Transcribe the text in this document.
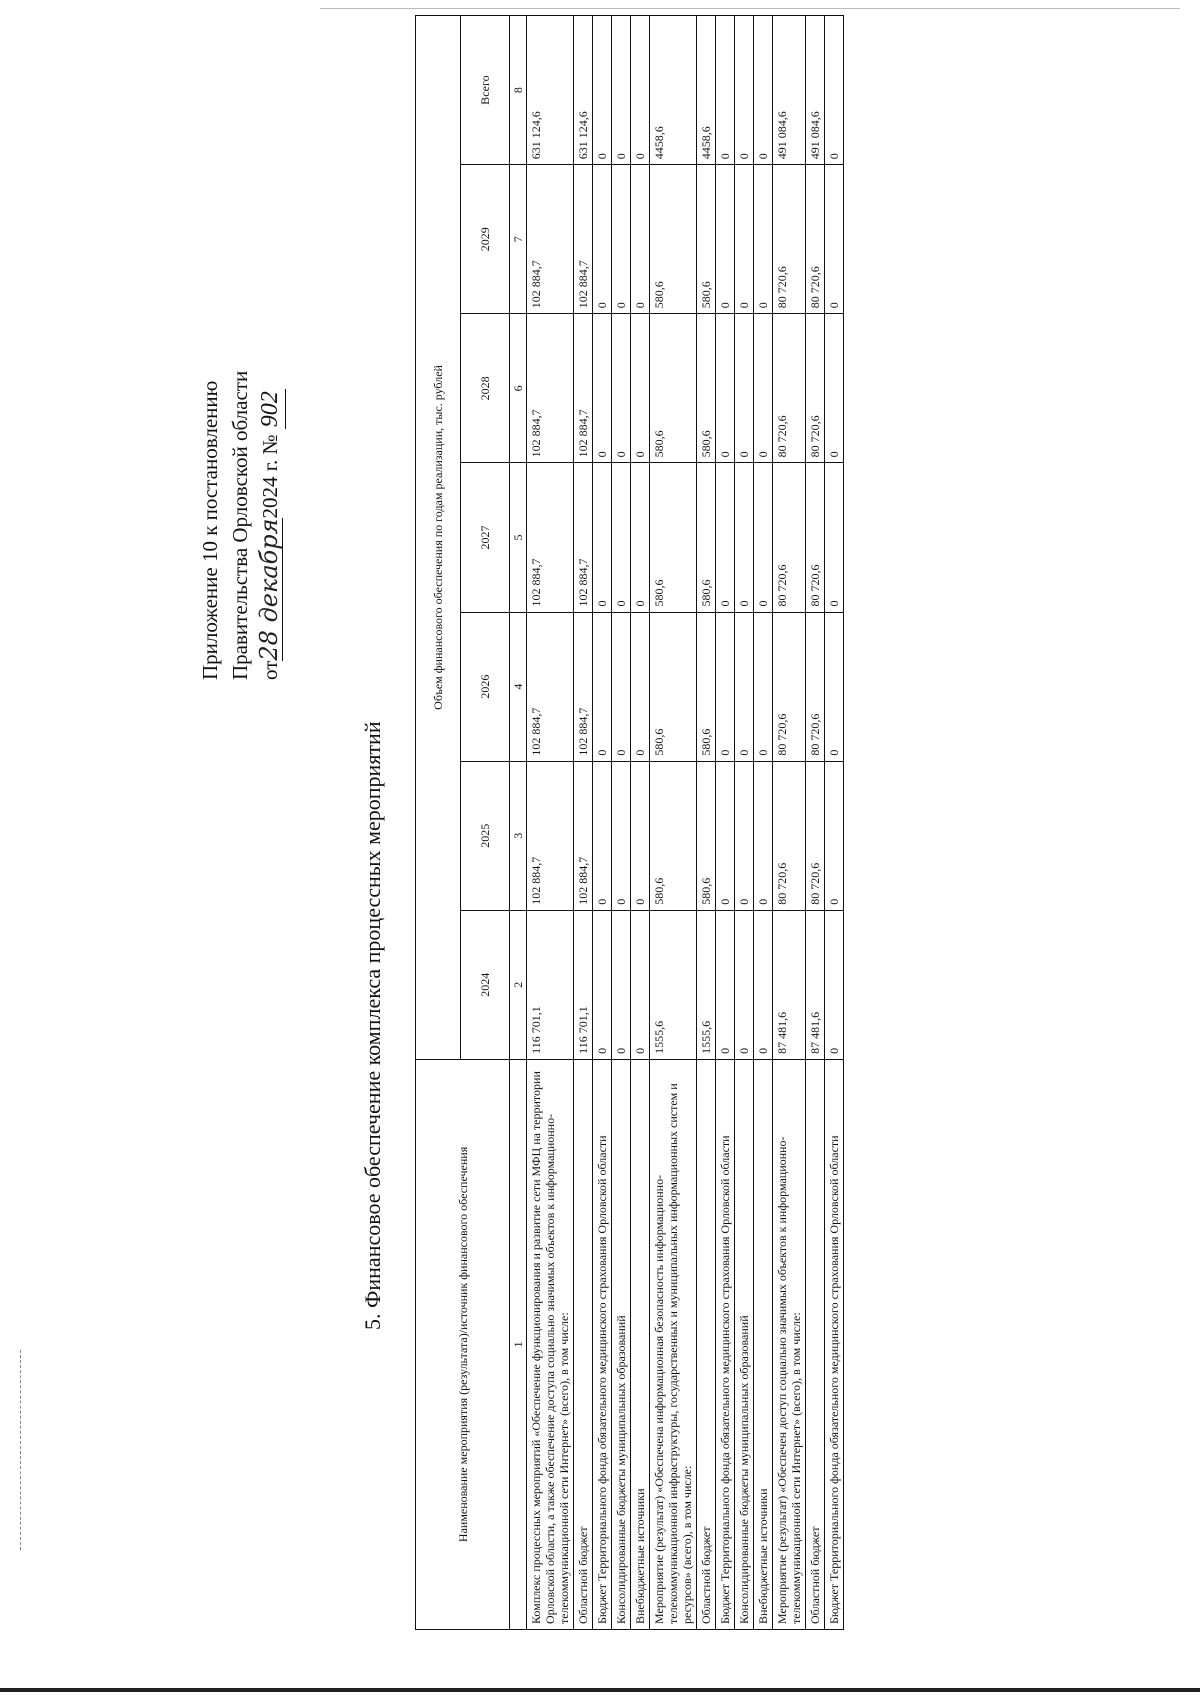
Приложение 10 к постановлению Правительства Орловской области от28 декабря2024 г. № 902
5. Финансовое обеспечение комплекса процессных мероприятий
Наименование мероприятия (результата)/источник финансового обеспечения	Объем финансового обеспечения по годам реализации, тыс. рублей						
	2024	2025	2026	2027	2028	2029	Всего
1	2	3	4	5	6	7	8
Комплекс процессных мероприятий «Обеспечение функционирования и развитие сети МФЦ на территории Орловской области, а также обеспечение доступа социально значимых объектов к информационно-телекоммуникационной сети Интернет» (всего), в том числе:	116 701,1	102 884,7	102 884,7	102 884,7	102 884,7	102 884,7	631 124,6
Областной бюджет	116 701,1	102 884,7	102 884,7	102 884,7	102 884,7	102 884,7	631 124,6
Бюджет Территориального фонда обязательного медицинского страхования Орловской области	0	0	0	0	0	0	0
Консолидированные бюджеты муниципальных образований	0	0	0	0	0	0	0
Внебюджетные источники	0	0	0	0	0	0	0
Мероприятие (результат) «Обеспечена информационная безопасность информационно-телекоммуникационной инфраструктуры, государственных и муниципальных информационных систем и ресурсов» (всего), в том числе:	1555,6	580,6	580,6	580,6	580,6	580,6	4458,6
Областной бюджет	1555,6	580,6	580,6	580,6	580,6	580,6	4458,6
Бюджет Территориального фонда обязательного медицинского страхования Орловской области	0	0	0	0	0	0	0
Консолидированные бюджеты муниципальных образований	0	0	0	0	0	0	0
Внебюджетные источники	0	0	0	0	0	0	0
Мероприятие (результат) «Обеспечен доступ социально значимых объектов к информационно-телекоммуникационной сети Интернет» (всего), в том числе:	87 481,6	80 720,6	80 720,6	80 720,6	80 720,6	80 720,6	491 084,6
Областной бюджет	87 481,6	80 720,6	80 720,6	80 720,6	80 720,6	80 720,6	491 084,6
Бюджет Территориального фонда обязательного медицинского страхования Орловской области	0	0	0	0	0	0	0
